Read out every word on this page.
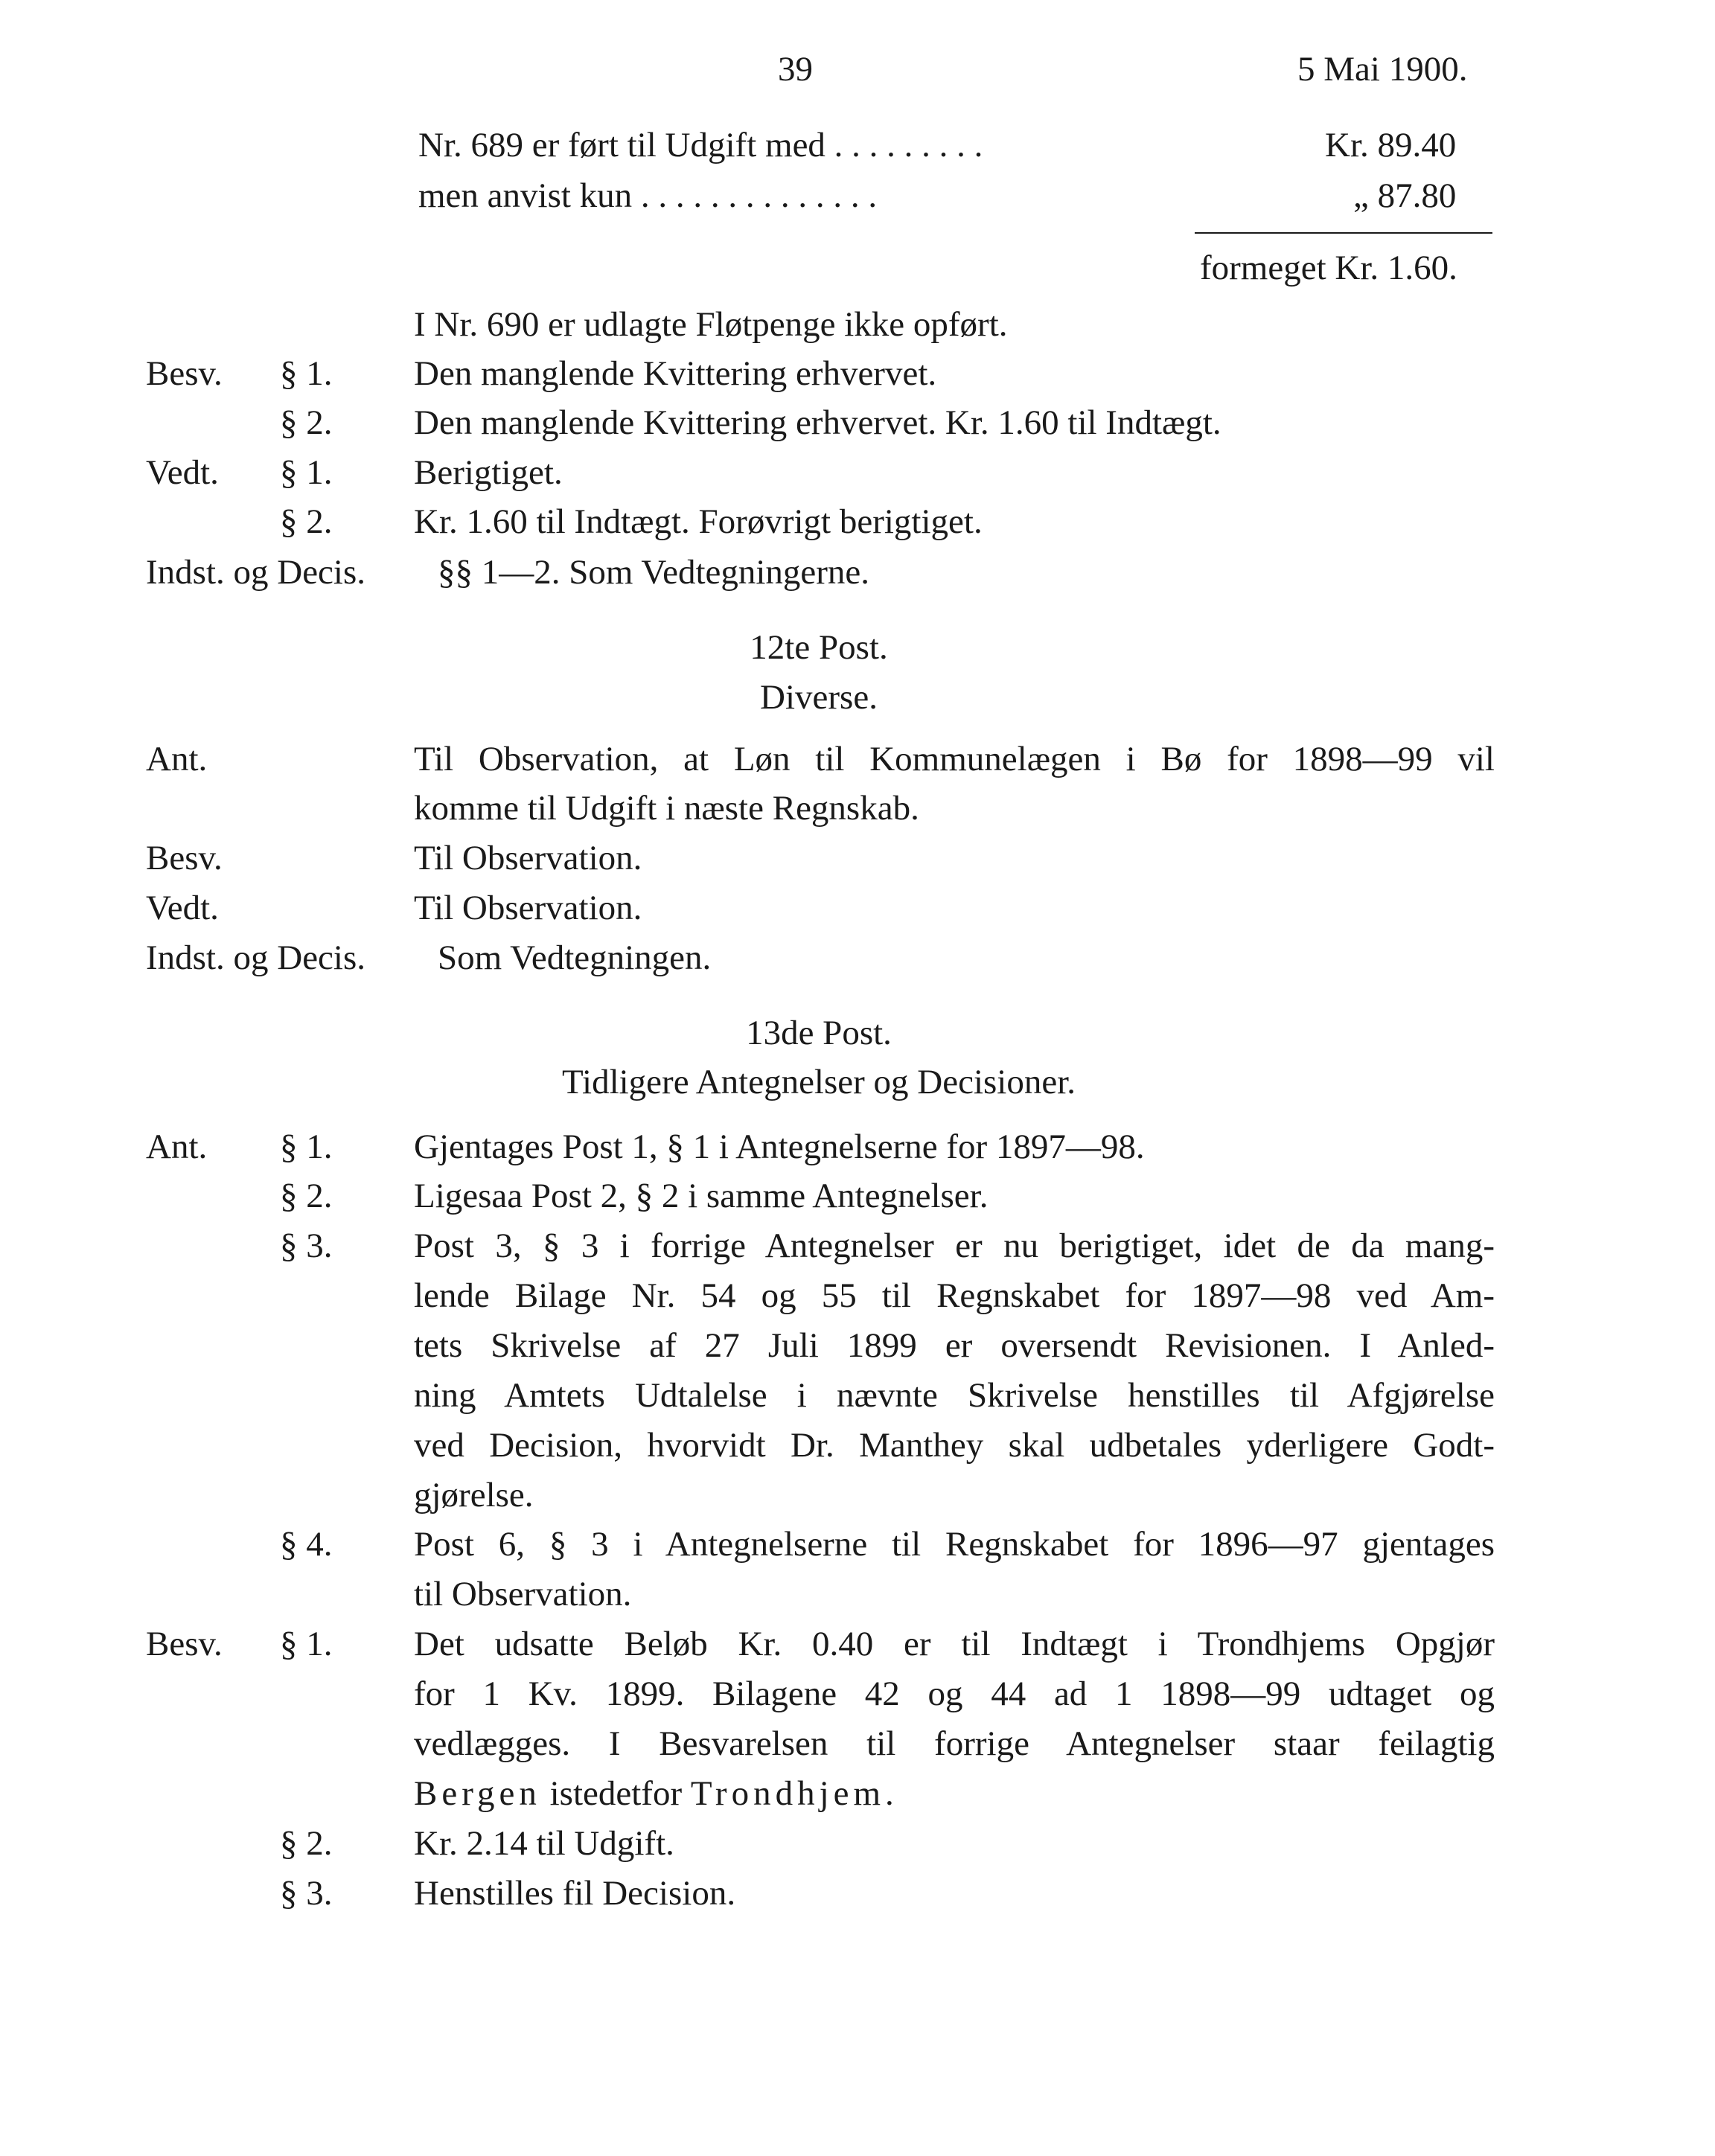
39	5 Mai 1900.
Nr. 689 er ført til Udgift med . . . . . . . . .	Kr. 89.40
men anvist kun . . . . . . . . . . . . . .	„ 87.80
formeget Kr. 1.60.
I Nr. 690 er udlagte Fløtpenge ikke opført.
Besv. § 1. Den manglende Kvittering erhvervet.
§ 2. Den manglende Kvittering erhvervet. Kr. 1.60 til Indtægt.
Vedt. § 1. Berigtiget.
§ 2. Kr. 1.60 til Indtægt. Forøvrigt berigtiget.
Indst. og Decis. §§ 1—2. Som Vedtegningerne.
12te Post.
Diverse.
Ant.	Til Observation, at Løn til Kommunelægen i Bø for 1898—99 vil
komme til Udgift i næste Regnskab.
Besv.	Til Observation.
Vedt.	Til Observation.
Indst. og Decis. Som Vedtegningen.
13de Post.
Tidligere Antegnelser og Decisioner.
Ant. § 1. Gjentages Post 1, § 1 i Antegnelserne for 1897—98.
§ 2. Ligesaa Post 2, § 2 i samme Antegnelser.
§ 3. Post 3, § 3 i forrige Antegnelser er nu berigtiget, idet de da mang-
lende Bilage Nr. 54 og 55 til Regnskabet for 1897—98 ved Am-
tets Skrivelse af 27 Juli 1899 er oversendt Revisionen. I Anled-
ning Amtets Udtalelse i nævnte Skrivelse henstilles til Afgjørelse
ved Decision, hvorvidt Dr. Manthey skal udbetales yderligere Godt-
gjørelse.
§ 4. Post 6, § 3 i Antegnelserne til Regnskabet for 1896—97 gjentages
til Observation.
Besv. § 1. Det udsatte Beløb Kr. 0.40 er til Indtægt i Trondhjems Opgjør
for 1 Kv. 1899. Bilagene 42 og 44 ad 1 1898—99 udtaget og
vedlægges. I Besvarelsen til forrige Antegnelser staar feilagtig
Bergen istedetfor Trondhjem.
§ 2. Kr. 2.14 til Udgift.
§ 3. Henstilles fil Decision.
